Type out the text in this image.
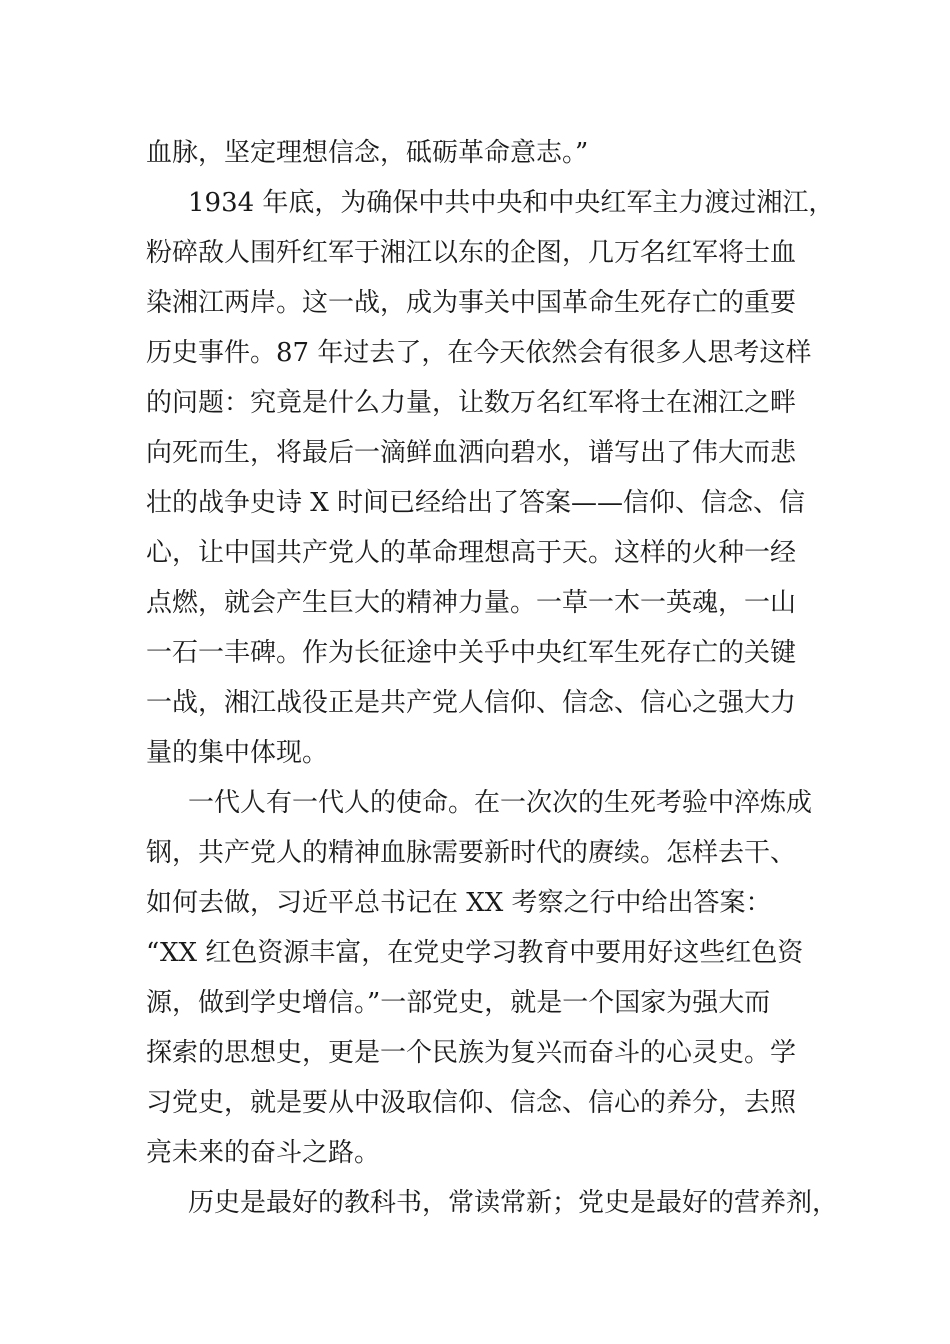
血脉，坚定理想信念，砥砺革命意志。”

1934 年底，为确保中共中央和中央红军主力渡过湘江，
粉碎敌人围歼红军于湘江以东的企图，几万名红军将士血
染湘江两岸。这一战，成为事关中国革命生死存亡的重要
历史事件。87 年过去了，在今天依然会有很多人思考这样
的问题：究竟是什么力量，让数万名红军将士在湘江之畔
向死而生，将最后一滴鲜血洒向碧水，谱写出了伟大而悲
壮的战争史诗 X 时间已经给出了答案——信仰、信念、信
心，让中国共产党人的革命理想高于天。这样的火种一经
点燃，就会产生巨大的精神力量。一草一木一英魂，一山
一石一丰碑。作为长征途中关乎中央红军生死存亡的关键
一战，湘江战役正是共产党人信仰、信念、信心之强大力
量的集中体现。

一代人有一代人的使命。在一次次的生死考验中淬炼成
钢，共产党人的精神血脉需要新时代的赓续。怎样去干、
如何去做，习近平总书记在 XX 考察之行中给出答案：
“XX 红色资源丰富，在党史学习教育中要用好这些红色资
源，做到学史增信。”一部党史，就是一个国家为强大而
探索的思想史，更是一个民族为复兴而奋斗的心灵史。学
习党史，就是要从中汲取信仰、信念、信心的养分，去照
亮未来的奋斗之路。

历史是最好的教科书，常读常新；党史是最好的营养剂，
